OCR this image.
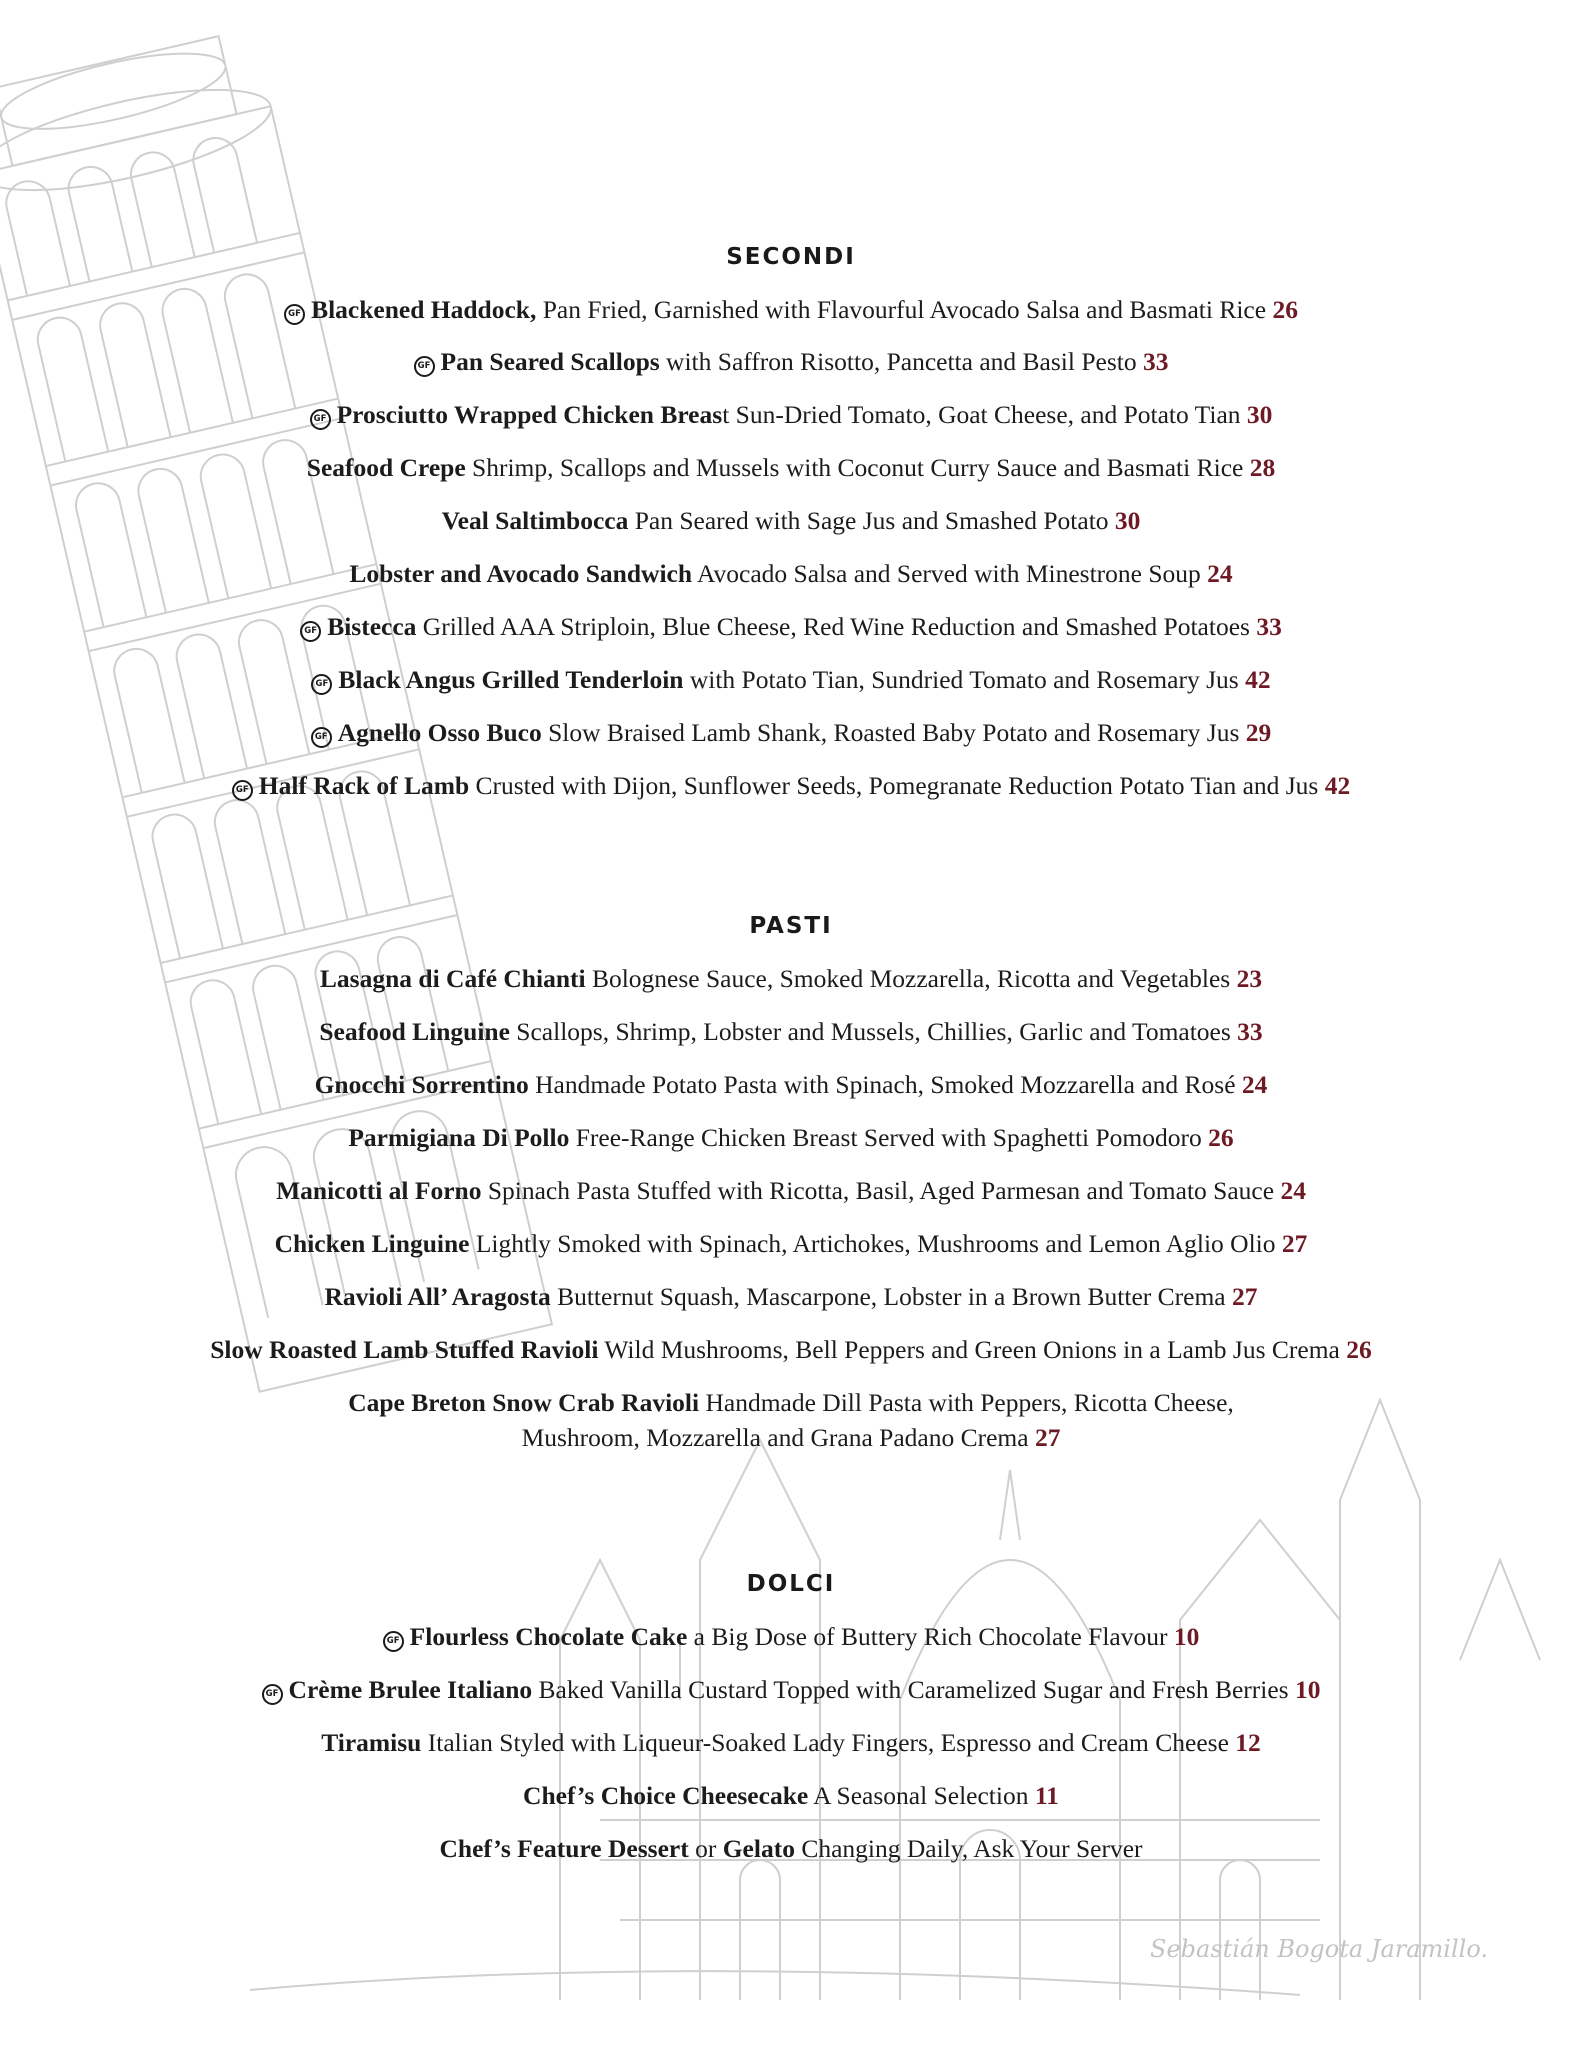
SECONDI
GF Blackened Haddock, Pan Fried, Garnished with Flavourful Avocado Salsa and Basmati Rice 26
GF Pan Seared Scallops with Saffron Risotto, Pancetta and Basil Pesto 33
GF Prosciutto Wrapped Chicken Breast Sun-Dried Tomato, Goat Cheese, and Potato Tian 30
Seafood Crepe Shrimp, Scallops and Mussels with Coconut Curry Sauce and Basmati Rice 28
Veal Saltimbocca Pan Seared with Sage Jus and Smashed Potato 30
Lobster and Avocado Sandwich Avocado Salsa and Served with Minestrone Soup 24
GF Bistecca Grilled AAA Striploin, Blue Cheese, Red Wine Reduction and Smashed Potatoes 33
GF Black Angus Grilled Tenderloin with Potato Tian, Sundried Tomato and Rosemary Jus 42
GF Agnello Osso Buco Slow Braised Lamb Shank, Roasted Baby Potato and Rosemary Jus 29
GF Half Rack of Lamb Crusted with Dijon, Sunflower Seeds, Pomegranate Reduction Potato Tian and Jus 42
PASTI
Lasagna di Café Chianti Bolognese Sauce, Smoked Mozzarella, Ricotta and Vegetables 23
Seafood Linguine Scallops, Shrimp, Lobster and Mussels, Chillies, Garlic and Tomatoes 33
Gnocchi Sorrentino Handmade Potato Pasta with Spinach, Smoked Mozzarella and Rosé 24
Parmigiana Di Pollo Free-Range Chicken Breast Served with Spaghetti Pomodoro 26
Manicotti al Forno Spinach Pasta Stuffed with Ricotta, Basil, Aged Parmesan and Tomato Sauce 24
Chicken Linguine Lightly Smoked with Spinach, Artichokes, Mushrooms and Lemon Aglio Olio 27
Ravioli All’ Aragosta Butternut Squash, Mascarpone, Lobster in a Brown Butter Crema 27
Slow Roasted Lamb Stuffed Ravioli Wild Mushrooms, Bell Peppers and Green Onions in a Lamb Jus Crema 26
Cape Breton Snow Crab Ravioli Handmade Dill Pasta with Peppers, Ricotta Cheese,
Mushroom, Mozzarella and Grana Padano Crema 27
DOLCI
GF Flourless Chocolate Cake a Big Dose of Buttery Rich Chocolate Flavour 10
GF Crème Brulee Italiano Baked Vanilla Custard Topped with Caramelized Sugar and Fresh Berries 10
Tiramisu Italian Styled with Liqueur-Soaked Lady Fingers, Espresso and Cream Cheese 12
Chef’s Choice Cheesecake A Seasonal Selection 11
Chef’s Feature Dessert or Gelato Changing Daily, Ask Your Server
Sebastián Bogota Jaramillo.
